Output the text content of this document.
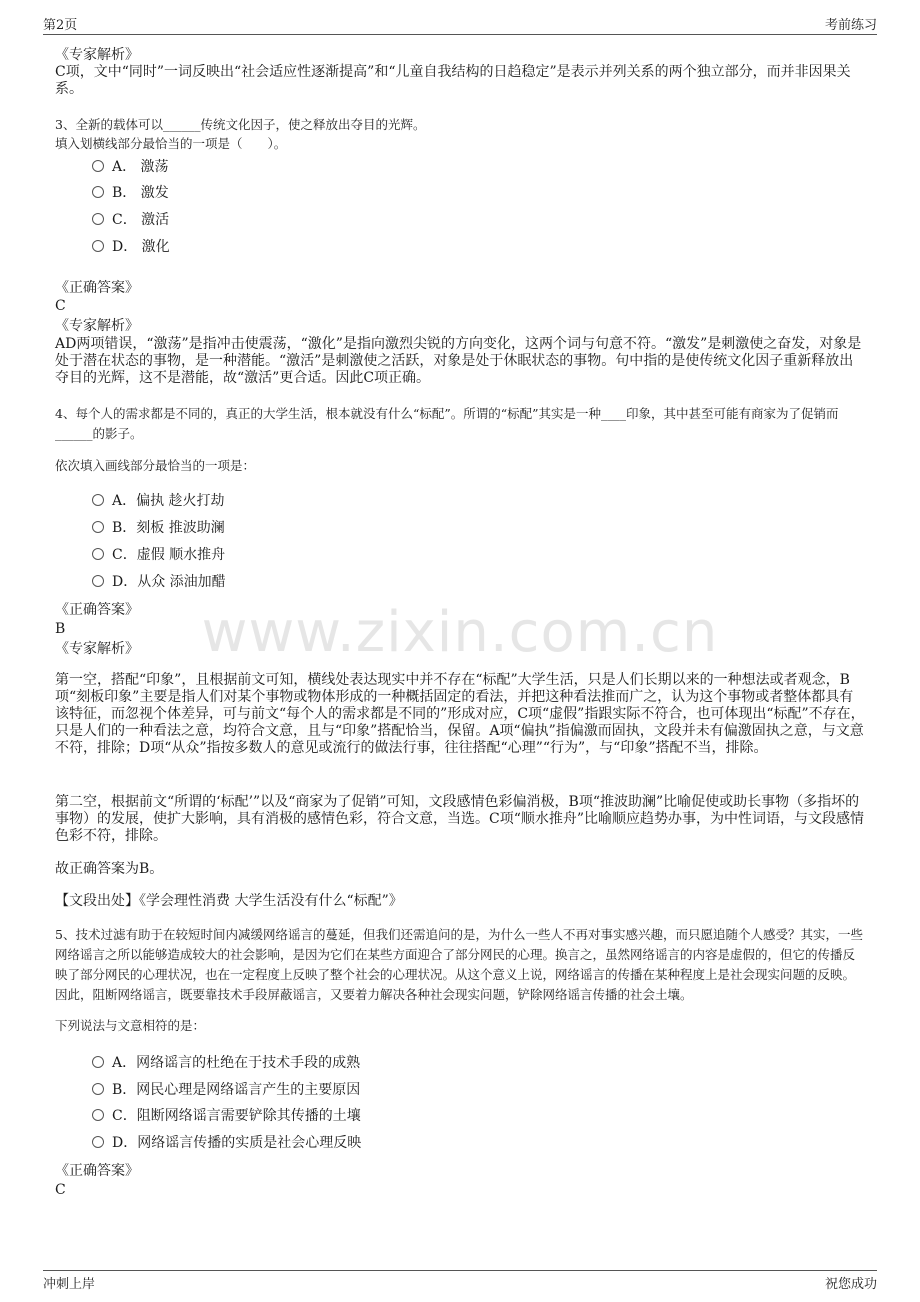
第2页	考前练习
www.zixin.com.cn
《专家解析》
C项，文中“同时”一词反映出“社会适应性逐渐提高”和“儿童自我结构的日趋稳定”是表示并列关系的两个独立部分，而并非因果关系。
3、全新的载体可以______传统文化因子，使之释放出夺目的光辉。
填入划横线部分最恰当的一项是（　　）。
A． 激荡
B． 激发
C． 激活
D． 激化
《正确答案》
C
《专家解析》
AD两项错误，“激荡”是指冲击使震荡，“激化”是指向激烈尖锐的方向变化，这两个词与句意不符。“激发”是刺激使之奋发，对象是处于潜在状态的事物，是一种潜能。“激活”是刺激使之活跃，对象是处于休眠状态的事物。句中指的是使传统文化因子重新释放出夺目的光辉，这不是潜能，故“激活”更合适。因此C项正确。
4、每个人的需求都是不同的，真正的大学生活，根本就没有什么“标配”。所谓的“标配”其实是一种____印象，其中甚至可能有商家为了促销而______的影子。
依次填入画线部分最恰当的一项是：
A．偏执 趁火打劫
B．刻板 推波助澜
C．虚假 顺水推舟
D．从众 添油加醋
《正确答案》
B
《专家解析》
第一空，搭配“印象”，且根据前文可知，横线处表达现实中并不存在“标配”大学生活，只是人们长期以来的一种想法或者观念，B项“刻板印象”主要是指人们对某个事物或物体形成的一种概括固定的看法，并把这种看法推而广之，认为这个事物或者整体都具有该特征，而忽视个体差异，可与前文“每个人的需求都是不同的”形成对应，C项“虚假”指跟实际不符合，也可体现出“标配”不存在，只是人们的一种看法之意，均符合文意，且与“印象”搭配恰当，保留。A项“偏执”指偏激而固执，文段并未有偏激固执之意，与文意不符，排除；D项“从众”指按多数人的意见或流行的做法行事，往往搭配“心理”“行为”，与“印象”搭配不当，排除。
第二空，根据前文“所谓的‘标配’”以及“商家为了促销”可知，文段感情色彩偏消极，B项“推波助澜”比喻促使或助长事物（多指坏的事物）的发展，使扩大影响，具有消极的感情色彩，符合文意，当选。C项“顺水推舟”比喻顺应趋势办事，为中性词语，与文段感情色彩不符，排除。
故正确答案为B。
【文段出处】《学会理性消费 大学生活没有什么“标配”》
5、技术过滤有助于在较短时间内减缓网络谣言的蔓延，但我们还需追问的是，为什么一些人不再对事实感兴趣，而只愿追随个人感受？其实，一些网络谣言之所以能够造成较大的社会影响，是因为它们在某些方面迎合了部分网民的心理。换言之，虽然网络谣言的内容是虚假的，但它的传播反映了部分网民的心理状况，也在一定程度上反映了整个社会的心理状况。从这个意义上说，网络谣言的传播在某种程度上是社会现实问题的反映。因此，阻断网络谣言，既要靠技术手段屏蔽谣言，又要着力解决各种社会现实问题，铲除网络谣言传播的社会土壤。
下列说法与文意相符的是：
A．网络谣言的杜绝在于技术手段的成熟
B．网民心理是网络谣言产生的主要原因
C．阻断网络谣言需要铲除其传播的土壤
D．网络谣言传播的实质是社会心理反映
《正确答案》
C
冲刺上岸	祝您成功
